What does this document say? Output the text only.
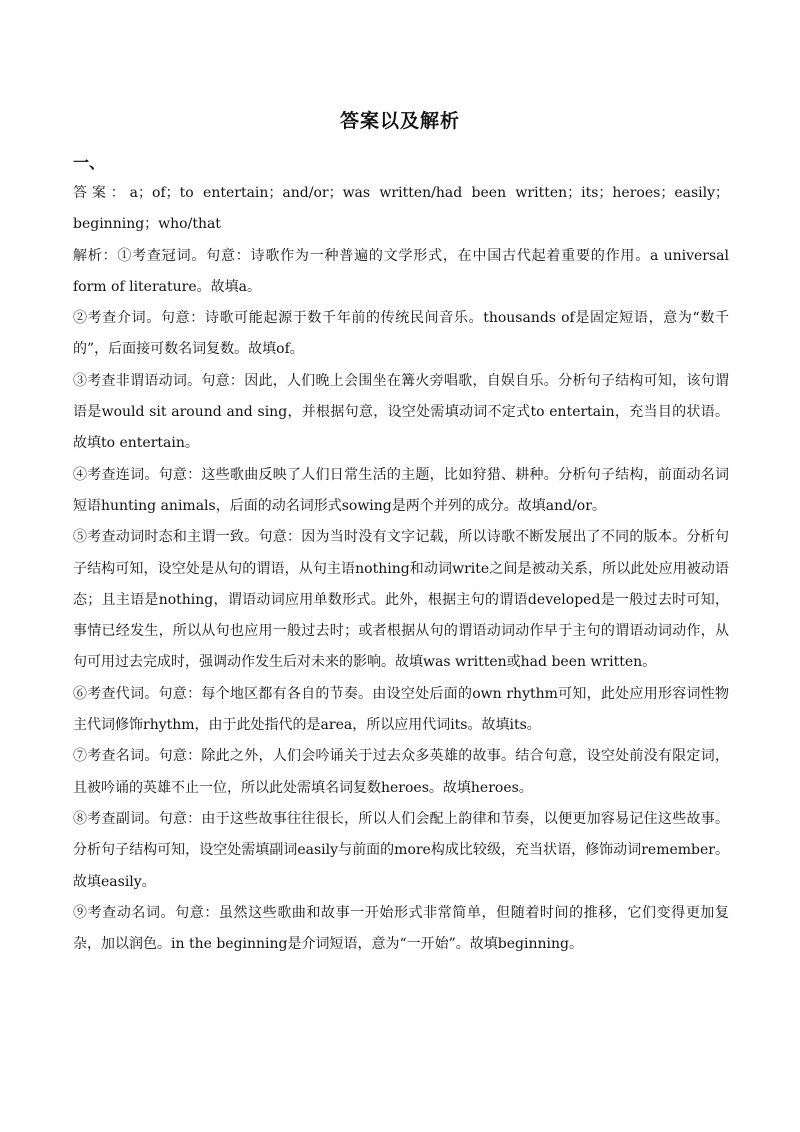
答案以及解析
一、

答案：a；of；to entertain；and/or；was written/had been written；its；heroes；easily；beginning；who/that

解析：①考查冠词。句意：诗歌作为一种普遍的文学形式，在中国古代起着重要的作用。a universal form of literature。故填a。

②考查介词。句意：诗歌可能起源于数千年前的传统民间音乐。thousands of是固定短语，意为“数千的”，后面接可数名词复数。故填of。

③考查非谓语动词。句意：因此，人们晚上会围坐在篝火旁唱歌，自娱自乐。分析句子结构可知，该句谓语是would sit around and sing，并根据句意，设空处需填动词不定式to entertain，充当目的状语。故填to entertain。

④考查连词。句意：这些歌曲反映了人们日常生活的主题，比如狩猎、耕种。分析句子结构，前面动名词短语hunting animals，后面的动名词形式sowing是两个并列的成分。故填and/or。

⑤考查动词时态和主谓一致。句意：因为当时没有文字记载，所以诗歌不断发展出了不同的版本。分析句子结构可知，设空处是从句的谓语，从句主语nothing和动词write之间是被动关系，所以此处应用被动语态；且主语是nothing，谓语动词应用单数形式。此外，根据主句的谓语developed是一般过去时可知，事情已经发生，所以从句也应用一般过去时；或者根据从句的谓语动词动作早于主句的谓语动词动作，从句可用过去完成时，强调动作发生后对未来的影响。故填was written或had been written。

⑥考查代词。句意：每个地区都有各自的节奏。由设空处后面的own rhythm可知，此处应用形容词性物主代词修饰rhythm，由于此处指代的是area，所以应用代词its。故填its。

⑦考查名词。句意：除此之外，人们会吟诵关于过去众多英雄的故事。结合句意，设空处前没有限定词，且被吟诵的英雄不止一位，所以此处需填名词复数heroes。故填heroes。

⑧考查副词。句意：由于这些故事往往很长，所以人们会配上韵律和节奏，以便更加容易记住这些故事。分析句子结构可知，设空处需填副词easily与前面的more构成比较级，充当状语，修饰动词remember。故填easily。

⑨考查动名词。句意：虽然这些歌曲和故事一开始形式非常简单，但随着时间的推移，它们变得更加复杂，加以润色。in the beginning是介词短语，意为“一开始”。故填beginning。
